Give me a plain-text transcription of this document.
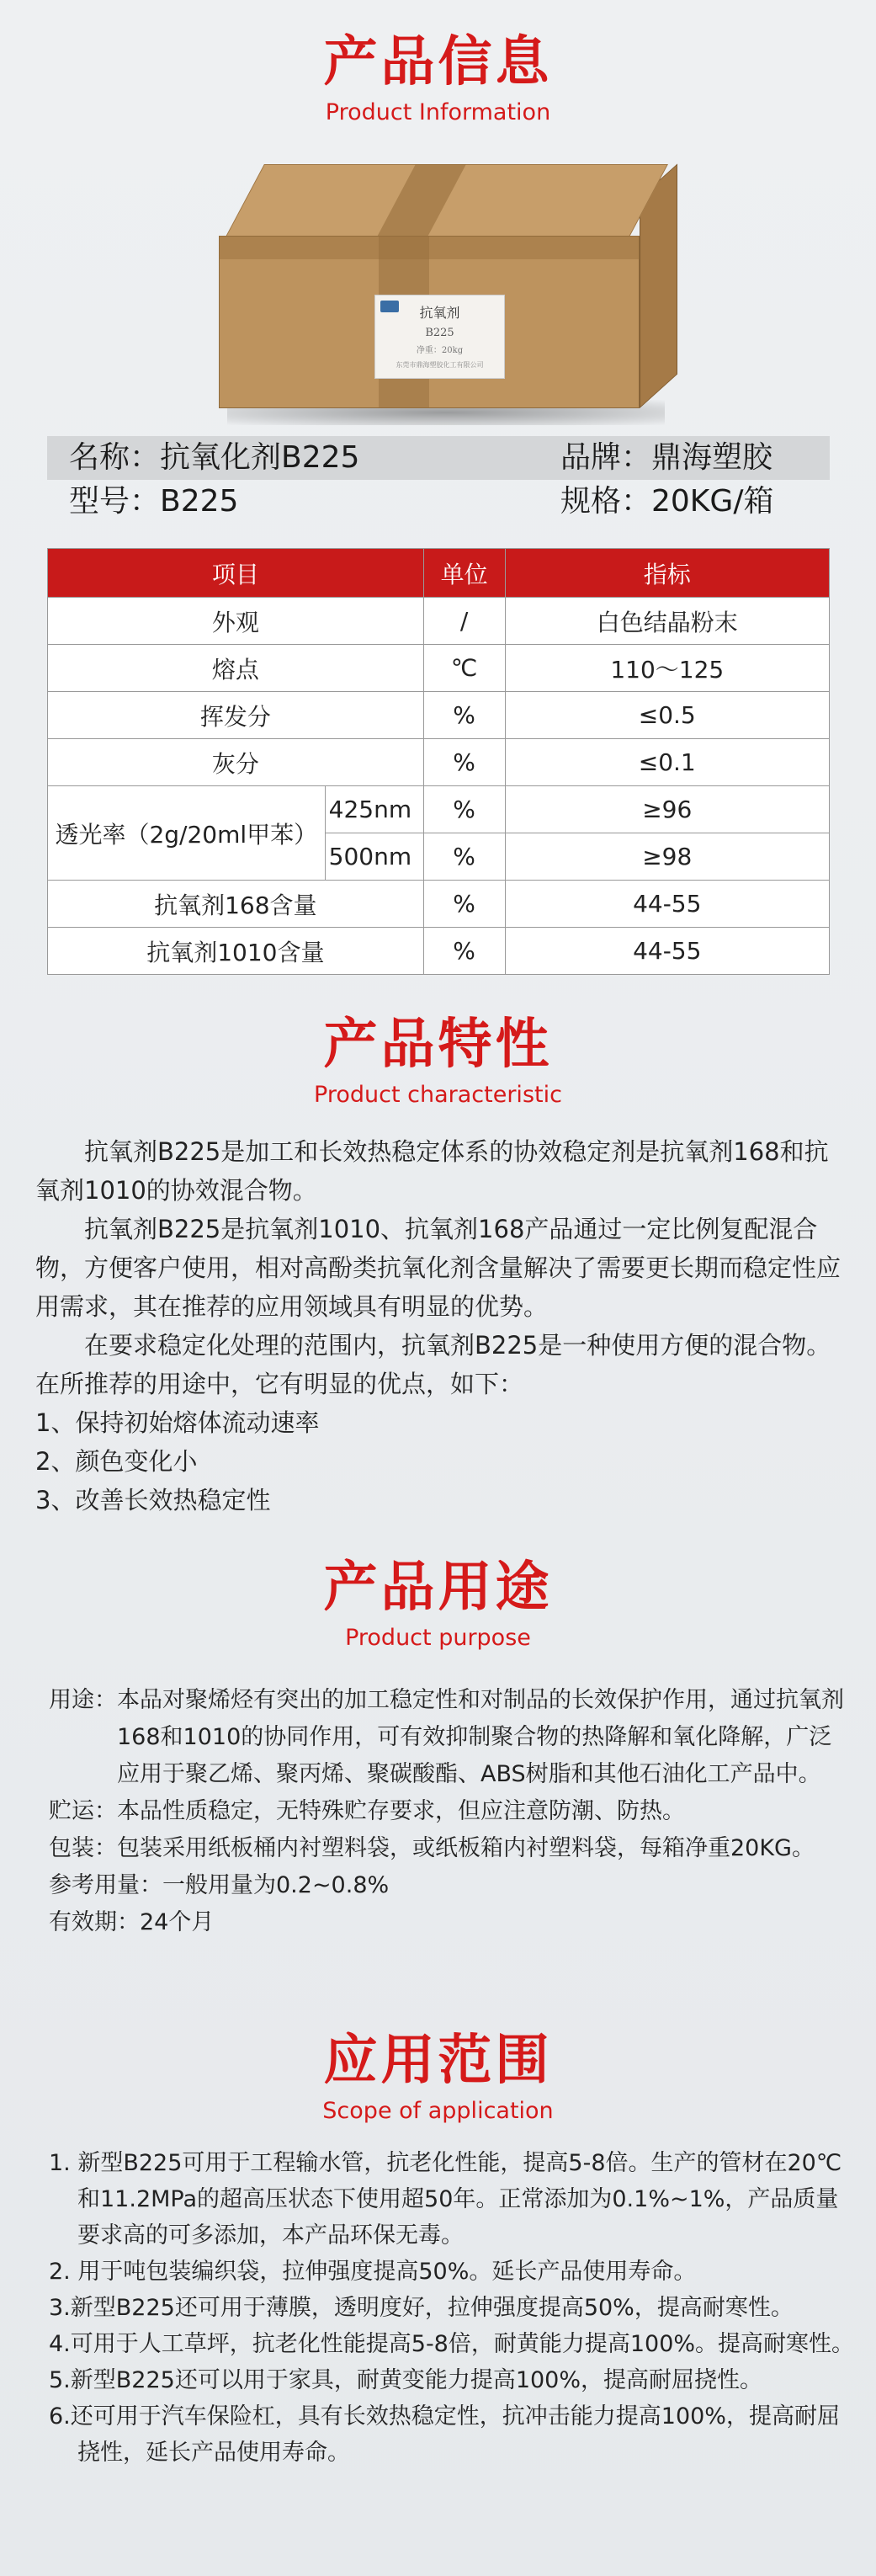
产品信息
Product Information
抗氧剂
B225
净重：20kg
东莞市鼎海塑胶化工有限公司
名称：抗氧化剂B225	品牌：鼎海塑胶
型号：B225	规格：20KG/箱
项目		单位	指标
外观		/	白色结晶粉末
熔点		℃	110～125
挥发分		%	≤0.5
灰分		%	≤0.1
透光率（2g/20ml甲苯）	425nm	%	≥96
	500nm	%	≥98
抗氧剂168含量		%	44-55
抗氧剂1010含量		%	44-55
产品特性
Product characteristic

抗氧剂B225是加工和长效热稳定体系的协效稳定剂是抗氧剂168和抗氧剂1010的协效混合物。

抗氧剂B225是抗氧剂1010、抗氧剂168产品通过一定比例复配混合物，方便客户使用，相对高酚类抗氧化剂含量解决了需要更长期而稳定性应用需求，其在推荐的应用领域具有明显的优势。

在要求稳定化处理的范围内，抗氧剂B225是一种使用方便的混合物。在所推荐的用途中，它有明显的优点，如下：

1、保持初始熔体流动速率

2、颜色变化小

3、改善长效热稳定性

产品用途
Product purpose
用途： 本品对聚烯烃有突出的加工稳定性和对制品的长效保护作用，通过抗氧剂168和1010的协同作用，可有效抑制聚合物的热降解和氧化降解，广泛应用于聚乙烯、聚丙烯、聚碳酸酯、ABS树脂和其他石油化工产品中。
贮运： 本品性质稳定，无特殊贮存要求，但应注意防潮、防热。
包装： 包装采用纸板桶内衬塑料袋，或纸板箱内衬塑料袋，每箱净重20KG。
参考用量： 一般用量为0.2~0.8%
有效期： 24个月
应用范围
Scope of application

1. 新型B225可用于工程输水管，抗老化性能，提高5-8倍。生产的管材在20℃和11.2MPa的超高压状态下使用超50年。正常添加为0.1%~1%，产品质量要求高的可多添加，本产品环保无毒。

2. 用于吨包装编织袋，拉伸强度提高50%。延长产品使用寿命。

3.新型B225还可用于薄膜，透明度好，拉伸强度提高50%，提高耐寒性。

4.可用于人工草坪，抗老化性能提高5-8倍，耐黄能力提高100%。提高耐寒性。

5.新型B225还可以用于家具，耐黄变能力提高100%，提高耐屈挠性。

6.还可用于汽车保险杠，具有长效热稳定性，抗冲击能力提高100%，提高耐屈挠性，延长产品使用寿命。
